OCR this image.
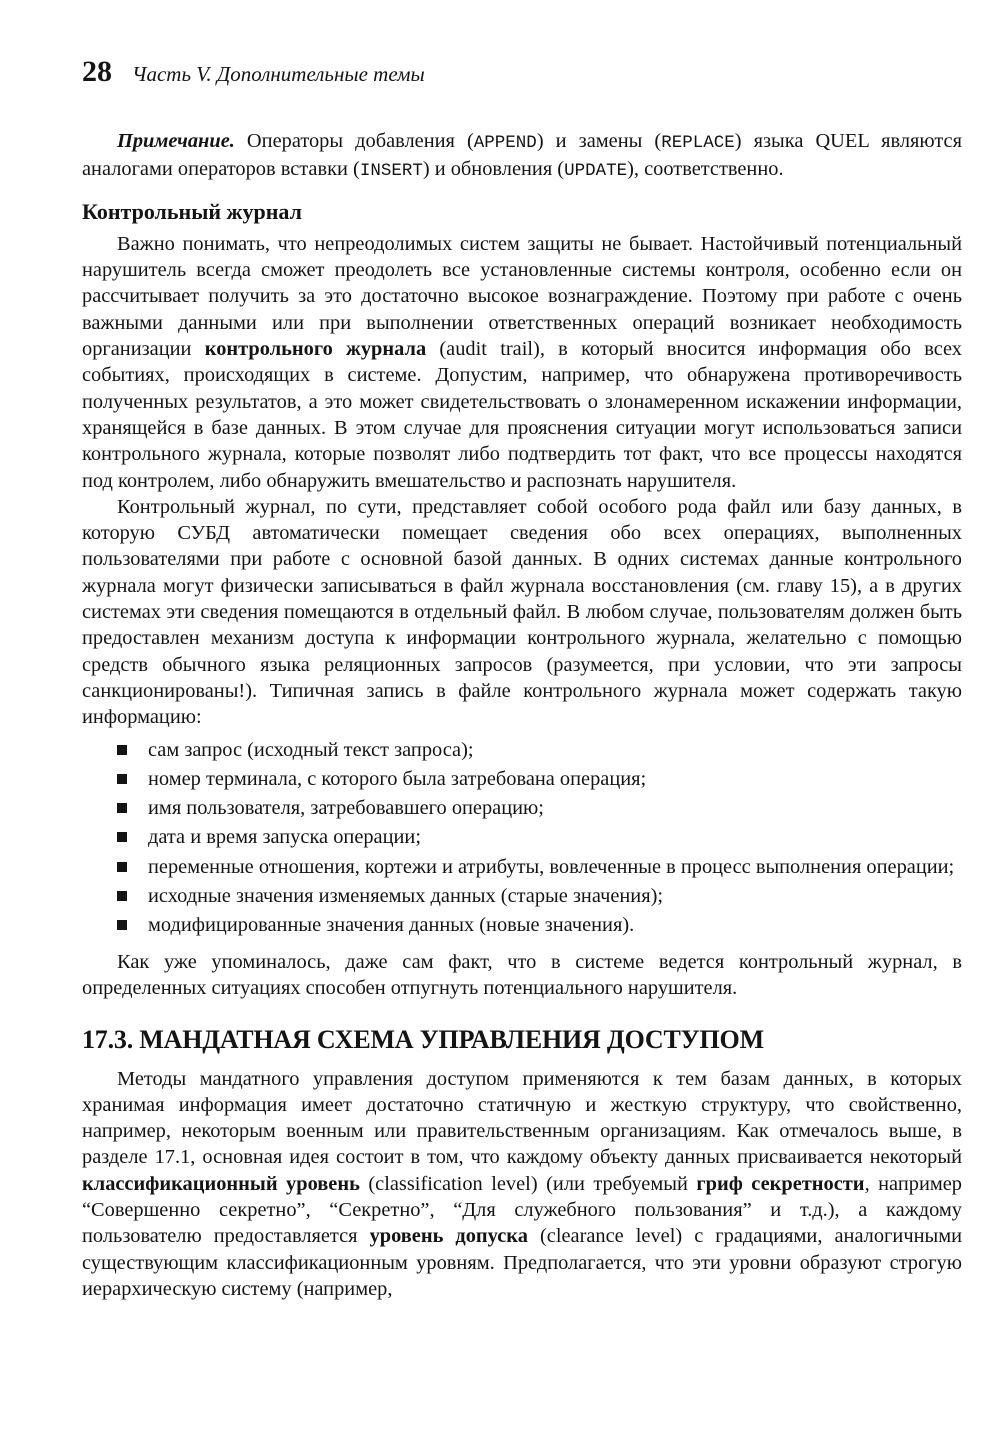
28 Часть V. Дополнительные темы

Примечание. Операторы добавления (APPEND) и замены (REPLACE) языка QUEL являются аналогами операторов вставки (INSERT) и обновления (UPDATE), соответственно.

Контрольный журнал

Важно понимать, что непреодолимых систем защиты не бывает. Настойчивый потенциальный нарушитель всегда сможет преодолеть все установленные системы контроля, особенно если он рассчитывает получить за это достаточно высокое вознаграждение. Поэтому при работе с очень важными данными или при выполнении ответственных операций возникает необходимость организации контрольного журнала (audit trail), в который вносится информация обо всех событиях, происходящих в системе. Допустим, например, что обнаружена противоречивость полученных результатов, а это может свидетельствовать о злонамеренном искажении информации, хранящейся в базе данных. В этом случае для прояснения ситуации могут использоваться записи контрольного журнала, которые позволят либо подтвердить тот факт, что все процессы находятся под контролем, либо обнаружить вмешательство и распознать нарушителя.

Контрольный журнал, по сути, представляет собой особого рода файл или базу данных, в которую СУБД автоматически помещает сведения обо всех операциях, выполненных пользователями при работе с основной базой данных. В одних системах данные контрольного журнала могут физически записываться в файл журнала восстановления (см. главу 15), а в других системах эти сведения помещаются в отдельный файл. В любом случае, пользователям должен быть предоставлен механизм доступа к информации контрольного журнала, желательно с помощью средств обычного языка реляционных запросов (разумеется, при условии, что эти запросы санкционированы!). Типичная запись в файле контрольного журнала может содержать такую информацию:

сам запрос (исходный текст запроса);
номер терминала, с которого была затребована операция;
имя пользователя, затребовавшего операцию;
дата и время запуска операции;
переменные отношения, кортежи и атрибуты, вовлеченные в процесс выполнения операции;
исходные значения изменяемых данных (старые значения);
модифицированные значения данных (новые значения).

Как уже упоминалось, даже сам факт, что в системе ведется контрольный журнал, в определенных ситуациях способен отпугнуть потенциального нарушителя.

17.3. МАНДАТНАЯ СХЕМА УПРАВЛЕНИЯ ДОСТУПОМ

Методы мандатного управления доступом применяются к тем базам данных, в которых хранимая информация имеет достаточно статичную и жесткую структуру, что свойственно, например, некоторым военным или правительственным организациям. Как отмечалось выше, в разделе 17.1, основная идея состоит в том, что каждому объекту данных присваивается некоторый классификационный уровень (classification level) (или требуемый гриф секретности, например “Совершенно секретно”, “Секретно”, “Для служебного пользования” и т.д.), а каждому пользователю предоставляется уровень допуска (clearance level) с градациями, аналогичными существующим классификационным уровням. Предполагается, что эти уровни образуют строгую иерархическую систему (например,
